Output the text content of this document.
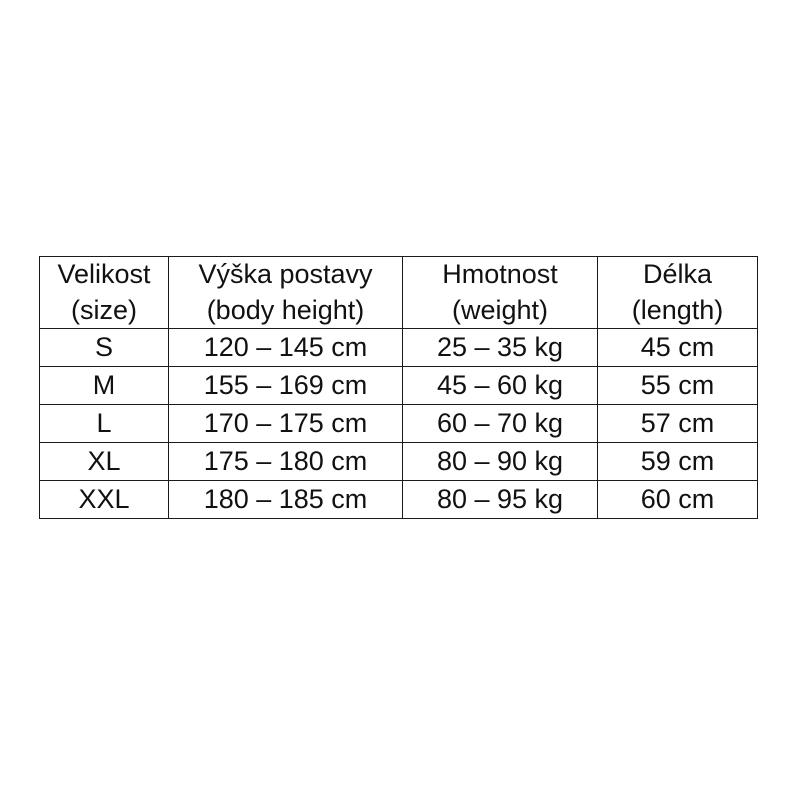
Velikost	Výška postavy	Hmotnost	Délka
(size)	(body height)	(weight)	(length)
S	120 – 145 cm	25 – 35 kg	45 cm
M	155 – 169 cm	45 – 60 kg	55 cm
L	170 – 175 cm	60 – 70 kg	57 cm
XL	175 – 180 cm	80 – 90 kg	59 cm
XXL	180 – 185 cm	80 – 95 kg	60 cm
